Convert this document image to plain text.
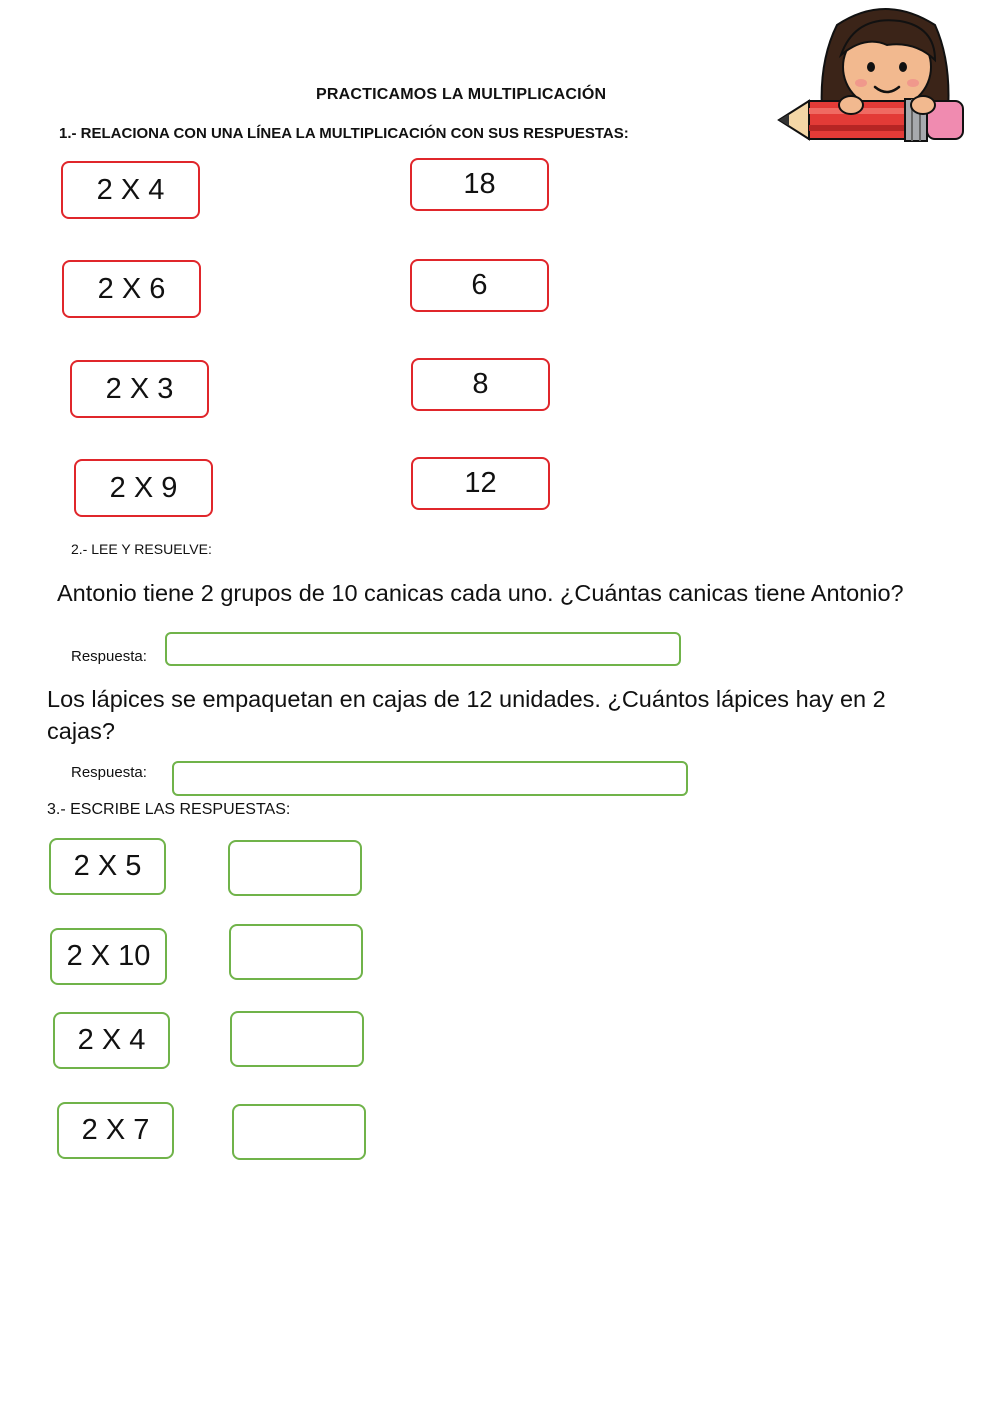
PRACTICAMOS LA MULTIPLICACIÓN
1.- RELACIONA CON UNA LÍNEA LA MULTIPLICACIÓN CON SUS RESPUESTAS:
2 X 4
2 X 6
2 X 3
2 X 9
18
6
8
12
2.- LEE Y RESUELVE:
Antonio tiene 2 grupos de 10 canicas cada uno. ¿Cuántas canicas tiene Antonio?
Respuesta:
Los lápices se empaquetan en cajas de 12 unidades. ¿Cuántos lápices hay en 2 cajas?
Respuesta:
3.- ESCRIBE LAS RESPUESTAS:
2 X 5
2 X 10
2 X 4
2 X 7
